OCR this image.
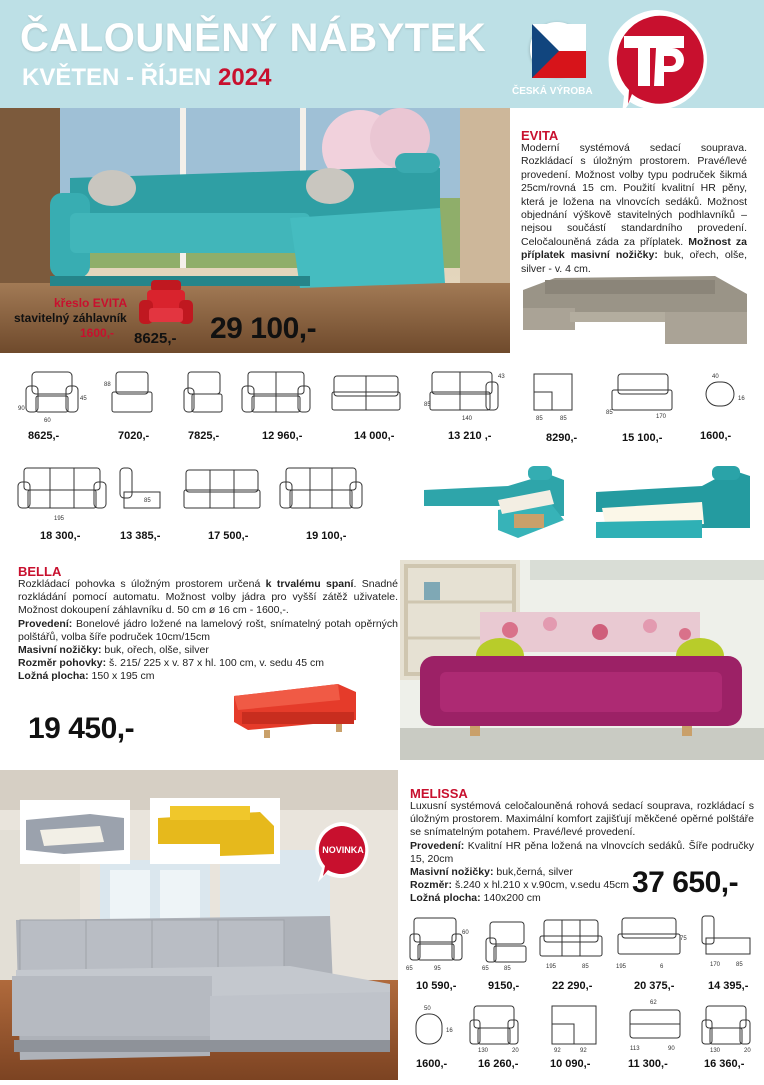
ČALOUNĚNÝ NÁBYTEK
KVĚTEN - ŘÍJEN 2024
ČESKÁ VÝROBA
křeslo EVITA
stavitelný záhlavník
1600,- 8625,- 29 100,-
EVITA
Moderní systémová sedací souprava. Rozkládací s úložným prostorem. Pravé/levé provedení. Možnost volby typu područek šikmá 25cm/rovná 15 cm. Použití kvalitní HR pěny, která je ložena na vlnovcích sedáků. Možnost objednání výškově stavitelných podhlavníků – nejsou součástí standardního provedení. Celočalouněná záda za příplatek. Možnost za příplatek masivní nožičky: buk, ořech, olše, silver - v. 4 cm.
90
60
45
88
85
140
43
85	85	170
85
40
16
8625,-	7020,-	7825,-	12 960,-	14 000,-	13 210 ,-	8290,-	15 100,-	1600,-
195
85
18 300,-	13 385,-	17 500,-	19 100,-
BELLA
Rozkládací pohovka s úložným prostorem určená k trvalému spaní. Snadné rozkládání pomocí automatu. Možnost volby jádra pro vyšší zátěž uživatele. Možnost dokoupení záhlavníku d. 50 cm ø 16 cm - 1600,-.
Provedení: Bonelové jádro ložené na lamelový rošt, snímatelný potah opěrných polštářů, volba šíře područek 10cm/15cm
Masivní nožičky: buk, ořech, olše, silver
Rozměr pohovky: š. 215/ 225 x v. 87 x hl. 100 cm, v. sedu 45 cm
Ložná plocha: 150 x 195 cm
19 450,-
NOVINKA
MELISSA
Luxusní systémová celočalouněná rohová sedací souprava, rozkládací s úložným prostorem. Maximální komfort zajišťují měkčené opěrné polštáře se snímatelným potahem. Pravé/levé provedení.
Provedení: Kvalitní HR pěna ložená na vlnovcích sedáků. Šíře područky 15, 20cm
Masivní nožičky: buk,černá, silver
Rozměr: š.240 x hl.210 x v.90cm, v.sedu 45cm
Ložná plocha: 140x200 cm	37 650,-
60
65	95	65	85	195	85
75
195	6	170	85
10 590,-	9150,-	22 290,-	20 375,-	14 395,-
50
16
130	20	92	92
62
113	90	130	20
1600,-	16 260,-	10 090,-	11 300,-	16 360,-
